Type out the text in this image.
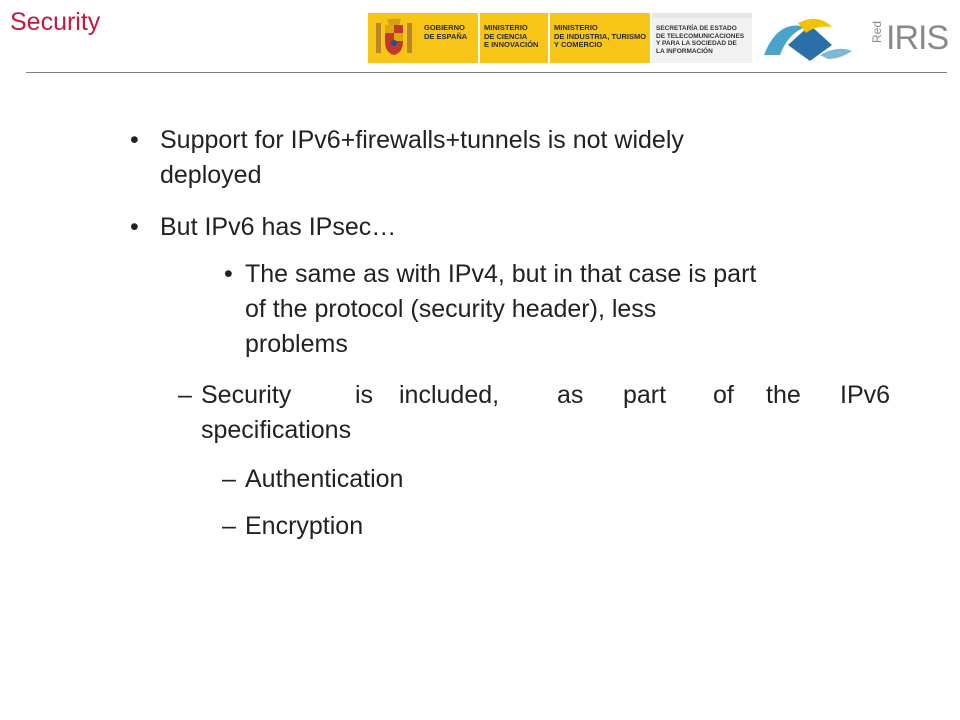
Security	GOBIERNO
DE ESPAÑA
MINISTERIO
DE CIENCIA
E INNOVACIÓN
MINISTERIO
DE INDUSTRIA, TURISMO
Y COMERCIO
SECRETARÍA DE ESTADO
DE TELECOMUNICACIONES
Y PARA LA SOCIEDAD DE
LA INFORMACIÓN
Red IRIS
• Support for IPv6+firewalls+tunnels is not widely
deployed
• But IPv6 has IPsec…
• The same as with IPv4, but in that case is part
of the protocol (security header), less
problems
– Security	is included, as part of the IPv6
specifications
– Authentication
– Encryption
